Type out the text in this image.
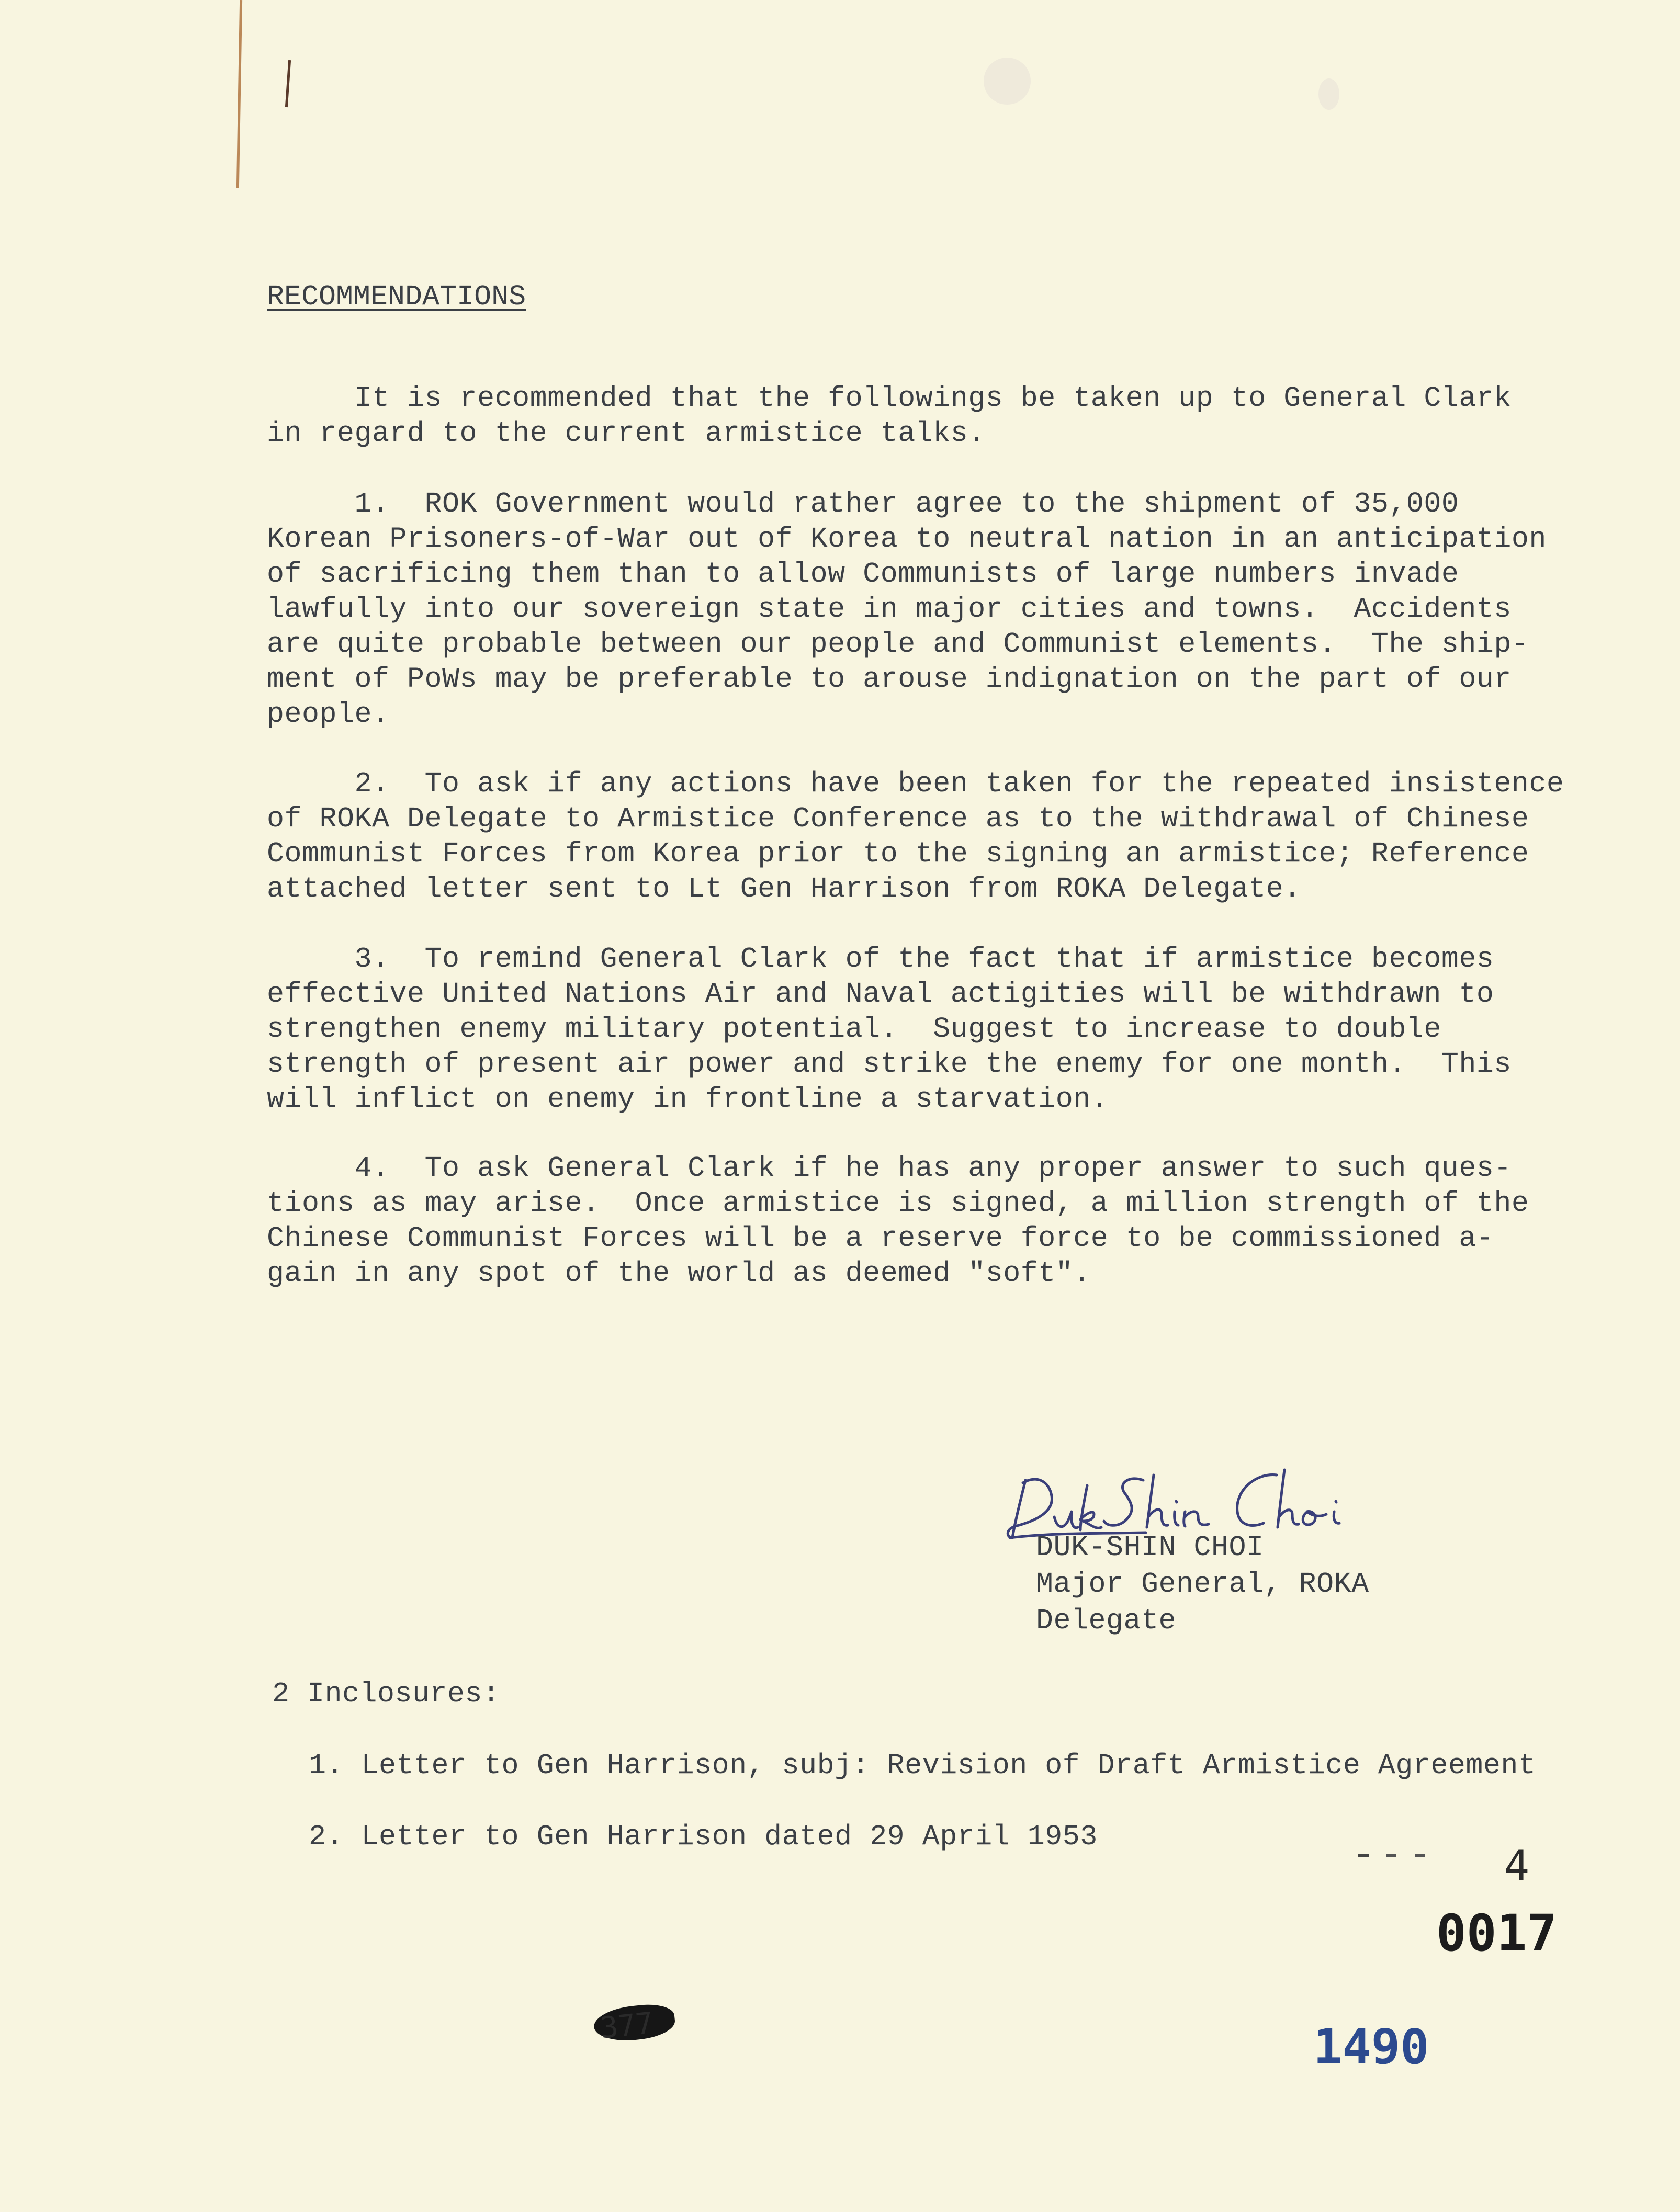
RECOMMENDATIONS
It is recommended that the followings be taken up to General Clark
in regard to the current armistice talks.
1.  ROK Government would rather agree to the shipment of 35,000
Korean Prisoners-of-War out of Korea to neutral nation in an anticipation
of sacrificing them than to allow Communists of large numbers invade
lawfully into our sovereign state in major cities and towns.  Accidents
are quite probable between our people and Communist elements.  The ship-
ment of PoWs may be preferable to arouse indignation on the part of our
people.
2.  To ask if any actions have been taken for the repeated insistence
of ROKA Delegate to Armistice Conference as to the withdrawal of Chinese
Communist Forces from Korea prior to the signing an armistice; Reference
attached letter sent to Lt Gen Harrison from ROKA Delegate.
3.  To remind General Clark of the fact that if armistice becomes
effective United Nations Air and Naval actigities will be withdrawn to
strengthen enemy military potential.  Suggest to increase to double
strength of present air power and strike the enemy for one month.  This
will inflict on enemy in frontline a starvation.
4.  To ask General Clark if he has any proper answer to such ques-
tions as may arise.  Once armistice is signed, a million strength of the
Chinese Communist Forces will be a reserve force to be commissioned a-
gain in any spot of the world as deemed "soft".
DUK-SHIN CHOI
Major General, ROKA
Delegate
2 Inclosures:
1. Letter to Gen Harrison, subj: Revision of Draft Armistice Agreement
2. Letter to Gen Harrison dated 29 April 1953
4
0017
377	1490
